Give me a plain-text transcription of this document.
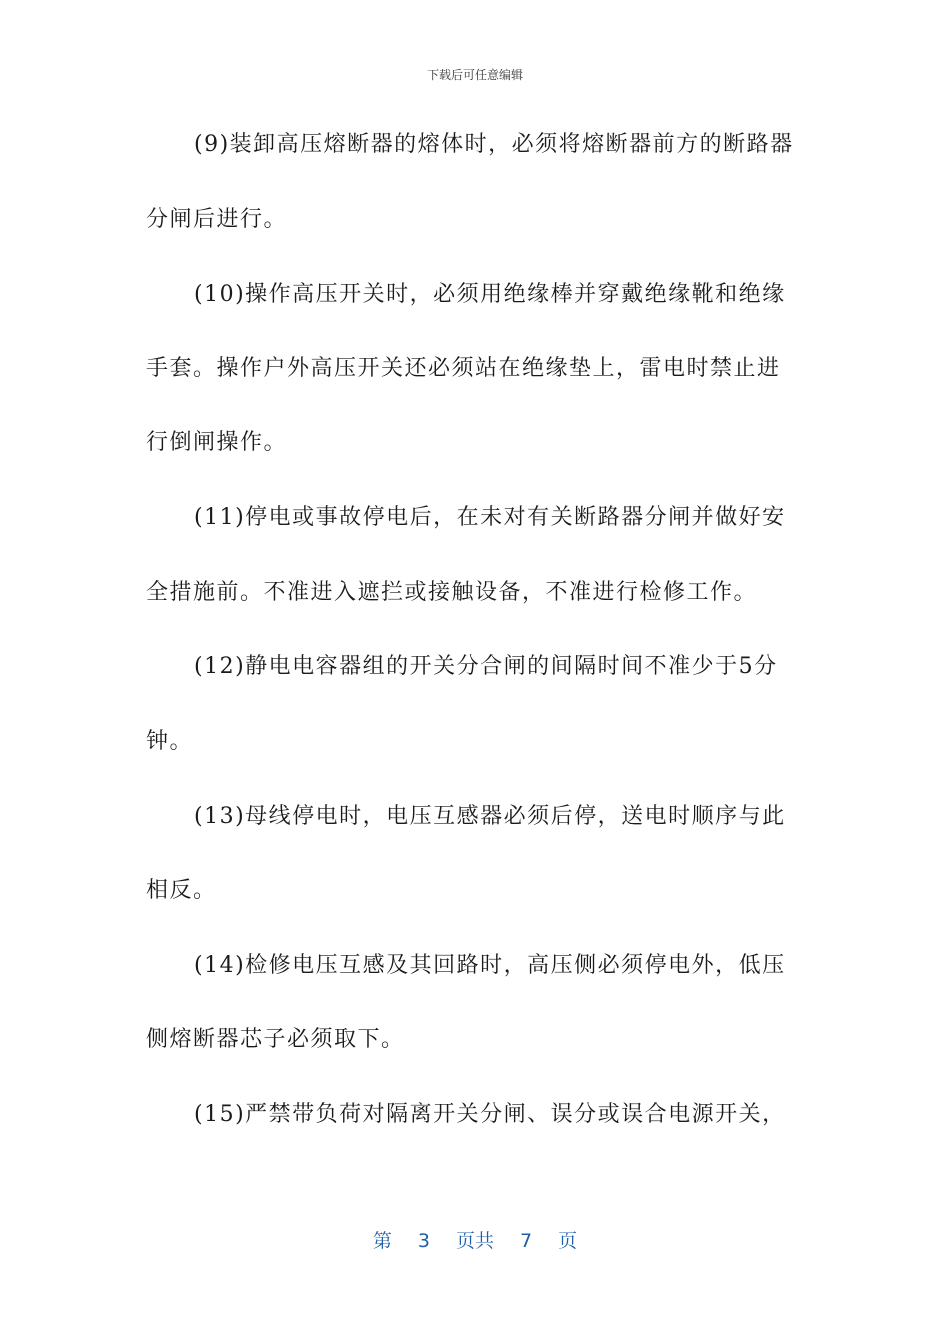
下载后可任意编辑
(9)装卸高压熔断器的熔体时，必须将熔断器前方的断路器
分闸后进行。
(10)操作高压开关时，必须用绝缘棒并穿戴绝缘靴和绝缘
手套。操作户外高压开关还必须站在绝缘垫上，雷电时禁止进
行倒闸操作。
(11)停电或事故停电后，在未对有关断路器分闸并做好安
全措施前。不准进入遮拦或接触设备，不准进行检修工作。
(12)静电电容器组的开关分合闸的间隔时间不准少于5分
钟。
(13)母线停电时，电压互感器必须后停，送电时顺序与此
相反。
(14)检修电压互感及其回路时，高压侧必须停电外，低压
侧熔断器芯子必须取下。
(15)严禁带负荷对隔离开关分闸、误分或误合电源开关，
第 3 页共 7 页
